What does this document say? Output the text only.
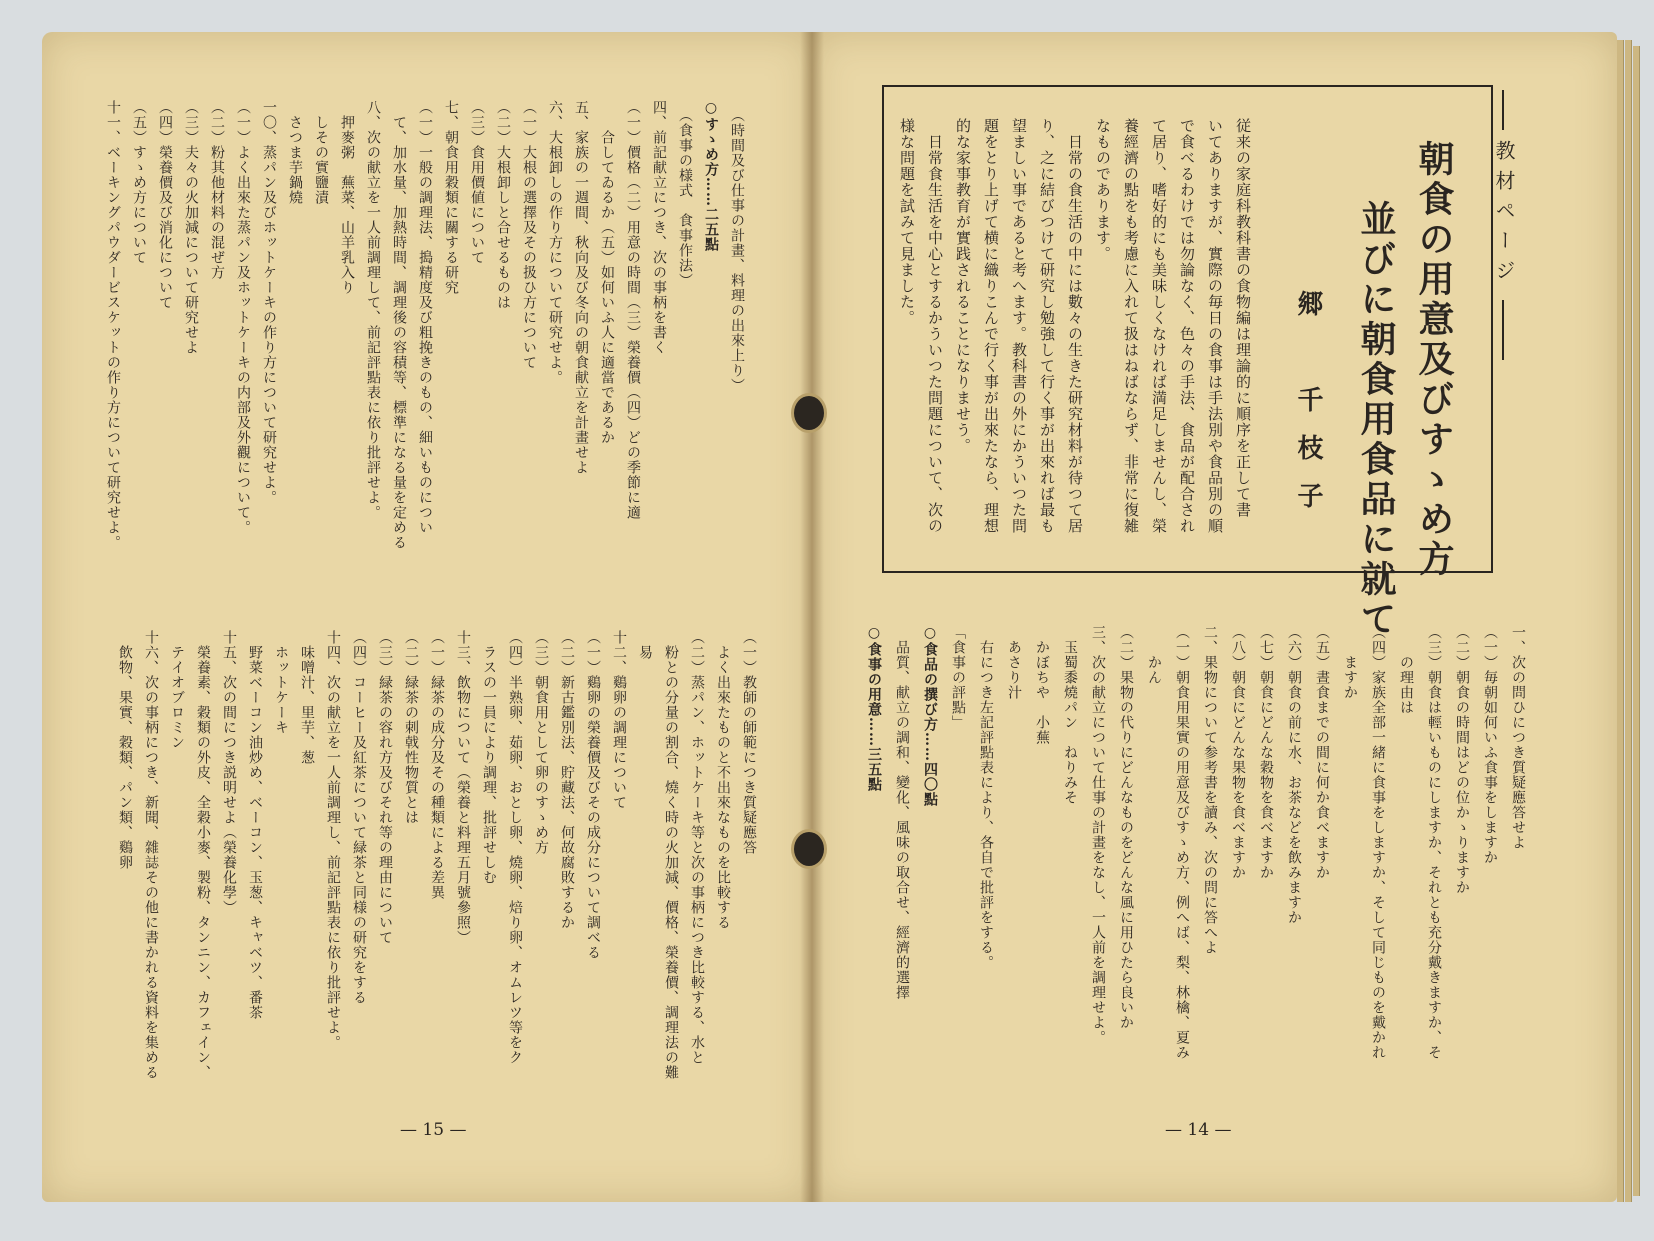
教材ページ
朝食の用意及びすゝめ方
並びに朝食用食品に就て
郷　千枝子
従来の家庭科教科書の食物編は理論的に順序を正して書
いてありますが、實際の毎日の食事は手法別や食品別の順
で食べるわけでは勿論なく、色々の手法、食品が配合され
て居り、嗜好的にも美味しくなければ満足しませんし、榮
養經濟の點をも考慮に入れて扱はねばならず、非常に復雑
なものであります。
　日常の食生活の中には數々の生きた研究材料が待つて居
り、之に結びつけて研究し勉強して行く事が出來れば最も
望ましい事であると考へます。教科書の外にかういつた問
題をとり上げて横に織りこんで行く事が出來たなら、理想
的な家事教育が實践されることになりませう。
　日常食生活を中心とするかういつた問題について、次の
様な問題を試みて見ました。
一、次の問ひにつき質疑應答せよ
（一）毎朝如何いふ食事をしますか
（二）朝食の時間はどの位かゝりますか
（三）朝食は輕いものにしますか、それとも充分戴きますか、そ
　　の理由は
（四）家族全部一緒に食事をしますか、そして同じものを戴かれ
　　ますか
（五）晝食までの間に何か食べますか
（六）朝食の前に水、お茶などを飲みますか
（七）朝食にどんな穀物を食べますか
（八）朝食にどんな果物を食べますか
二、果物について参考書を讀み、次の問に答へよ
（一）朝食用果實の用意及びすゝめ方、例へば、梨、林檎、夏み
　　かん
（二）果物の代りにどんなものをどんな風に用ひたら良いか
三、次の献立について仕事の計畫をなし、一人前を調理せよ。
　玉蜀黍燒パン　ねりみそ
　かぼちや　小蕪
　あさり汁
　右につき左記評點表により、各自で批評をする。
「食事の評點」
○食品の撰び方……四〇點
　品質、献立の調和、變化、風味の取合せ、經濟的選擇
○食事の用意……三五點
　（時間及び仕事の計畫、料理の出來上り）
○すゝめ方……二五點
　（食事の様式　食事作法）
四、前記献立につき、次の事柄を書く
（一）價格（二）用意の時間（三）榮養價（四）どの季節に適
　　合してゐるか（五）如何いふ人に適當であるか
五、家族の一週間、秋向及び冬向の朝食献立を計畫せよ
六、大根卸しの作り方について研究せよ。
（一）大根の選擇及その扱ひ方について
（二）大根卸しと合せるものは
（三）食用價値について
七、朝食用穀類に關する研究
（一）一般の調理法、搗精度及び粗挽きのもの、細いものについ
　て、加水量、加熱時間、調理後の容積等、標準になる量を定める
八、次の献立を一人前調理して、前記評點表に依り批評せよ。
　押麥粥　蕪菜、山羊乳入り
　しその實鹽漬
　さつま芋鍋燒
一〇、蒸パン及びホットケーキの作り方について研究せよ。
（一）よく出來た蒸パン及ホットケーキの内部及外觀について。
（二）粉其他材料の混ぜ方
（三）夫々の火加減について研究せよ
（四）榮養價及び消化について
（五）すゝめ方について
十一、ベーキングパウダービスケットの作り方について研究せよ。
（一）教師の師範につき質疑應答
　よく出來たものと不出來なものを比較する
（二）蒸パン、ホットケーキ等と次の事柄につき比較する、水と
　粉との分量の割合、燒く時の火加減、價格、榮養價、調理法の難
　易
十二、鷄卵の調理について
（一）鷄卵の榮養價及びその成分について調べる
（二）新古鑑別法、貯藏法、何故腐敗するか
（三）朝食用として卵のすゝめ方
（四）半熟卵、茹卵、おとし卵、燒卵、焙り卵、オムレツ等をク
　ラスの一員により調理、批評せしむ
十三、飲物について（榮養と料理五月號參照）
（一）緑茶の成分及その種類による差異
（二）緑茶の刺戟性物質とは
（三）緑茶の容れ方及びそれ等の理由について
（四）コーヒー及紅茶について緑茶と同様の研究をする
十四、次の献立を一人前調理し、前記評點表に依り批評せよ。
　味噌汁、里芋、葱
　ホットケーキ
　野菜ベーコン油炒め、ベーコン、玉葱、キャベツ、番茶
十五、次の間につき説明せよ（榮養化學）
　榮養素、穀類の外皮、全穀小麥、製粉、タンニン、カフェイン、
　テイオブロミン
十六、次の事柄につき、新聞、雜誌その他に書かれる資料を集める
　飲物、果實、穀類、パン類、鷄卵
— 15 —	— 14 —
